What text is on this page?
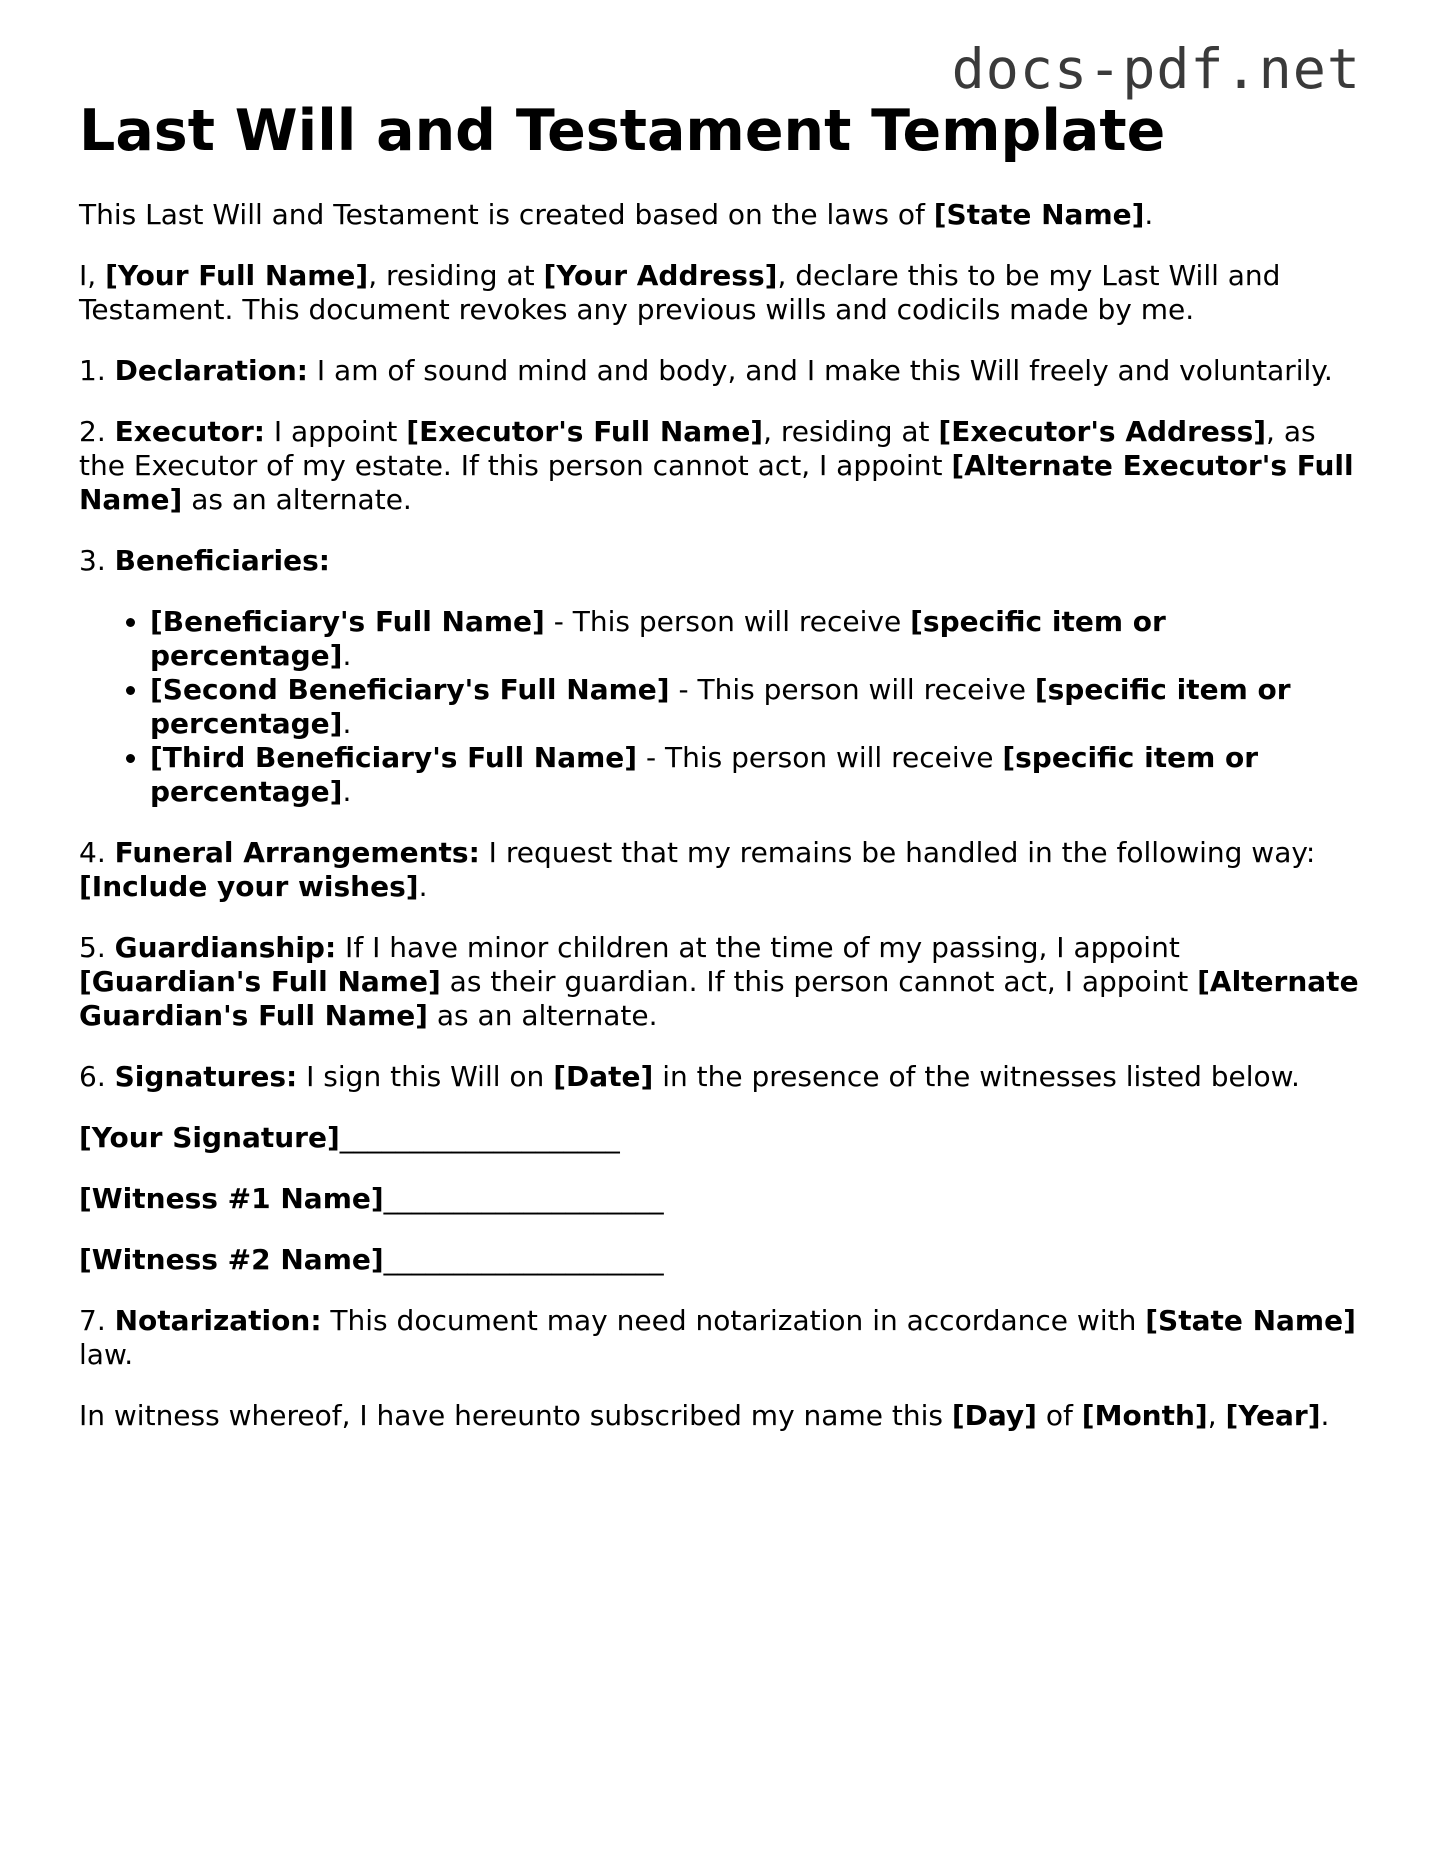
docs-pdf.net
Last Will and Testament Template

This Last Will and Testament is created based on the laws of [State Name].

I, [Your Full Name], residing at [Your Address], declare this to be my Last Will and Testament. This document revokes any previous wills and codicils made by me.

1. Declaration: I am of sound mind and body, and I make this Will freely and voluntarily.

2. Executor: I appoint [Executor's Full Name], residing at [Executor's Address], as the Executor of my estate. If this person cannot act, I appoint [Alternate Executor's Full Name] as an alternate.

3. Beneficiaries:

• [Beneficiary's Full Name] - This person will receive [specific item or percentage].
• [Second Beneficiary's Full Name] - This person will receive [specific item or percentage].
• [Third Beneficiary's Full Name] - This person will receive [specific item or percentage].

4. Funeral Arrangements: I request that my remains be handled in the following way: [Include your wishes].

5. Guardianship: If I have minor children at the time of my passing, I appoint [Guardian's Full Name] as their guardian. If this person cannot act, I appoint [Alternate Guardian's Full Name] as an alternate.

6. Signatures: I sign this Will on [Date] in the presence of the witnesses listed below.

[Your Signature]____________________

[Witness #1 Name]____________________

[Witness #2 Name]____________________

7. Notarization: This document may need notarization in accordance with [State Name] law.

In witness whereof, I have hereunto subscribed my name this [Day] of [Month], [Year].
